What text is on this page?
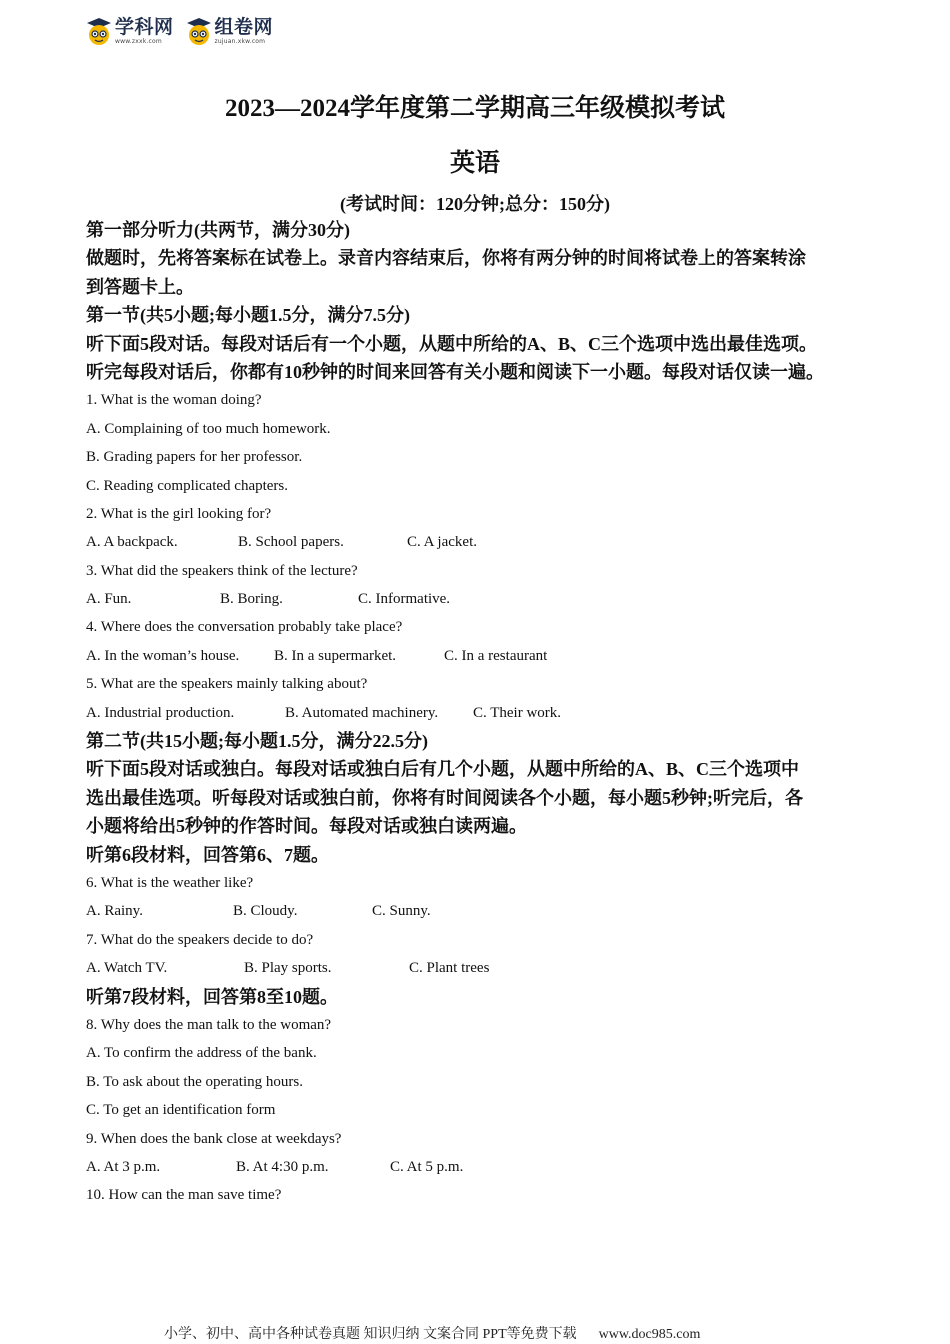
学科网
www.zxxk.com
组卷网
zujuan.xkw.com
2023—2024学年度第二学期高三年级模拟考试
英语

(考试时间：120分钟;总分：150分)

第一部分听力(共两节，满分30分)

做题时，先将答案标在试卷上。录音内容结束后，你将有两分钟的时间将试卷上的答案转涂

到答题卡上。

第一节(共5小题;每小题1.5分，满分7.5分)

听下面5段对话。每段对话后有一个小题，从题中所给的A、B、C三个选项中选出最佳选项。

听完每段对话后，你都有10秒钟的时间来回答有关小题和阅读下一小题。每段对话仅读一遍。

1. What is the woman doing?

A. Complaining of too much homework.

B. Grading papers for her professor.

C. Reading complicated chapters.

2. What is the girl looking for?

A. A backpack.	B. School papers.	C. A jacket.

3. What did the speakers think of the lecture?

A. Fun.	B. Boring.	C. Informative.

4. Where does the conversation probably take place?

A. In the woman’s house.	B. In a supermarket.	C. In a restaurant

5. What are the speakers mainly talking about?

A. Industrial production.	B. Automated machinery.	C. Their work.

第二节(共15小题;每小题1.5分，满分22.5分)

听下面5段对话或独白。每段对话或独白后有几个小题，从题中所给的A、B、C三个选项中

选出最佳选项。听每段对话或独白前，你将有时间阅读各个小题，每小题5秒钟;听完后，各

小题将给出5秒钟的作答时间。每段对话或独白读两遍。

听第6段材料，回答第6、7题。

6. What is the weather like?

A. Rainy.	B. Cloudy.	C. Sunny.

7. What do the speakers decide to do?

A. Watch TV.	B. Play sports.	C. Plant trees

听第7段材料，回答第8至10题。

8. Why does the man talk to the woman?

A. To confirm the address of the bank.

B. To ask about the operating hours.

C. To get an identification form

9. When does the bank close at weekdays?

A. At 3 p.m.	B. At 4:30 p.m.	C. At 5 p.m.

10. How can the man save time?

小学、初中、高中各种试卷真题 知识归纳 文案合同 PPT等免费下载 www.doc985.com
